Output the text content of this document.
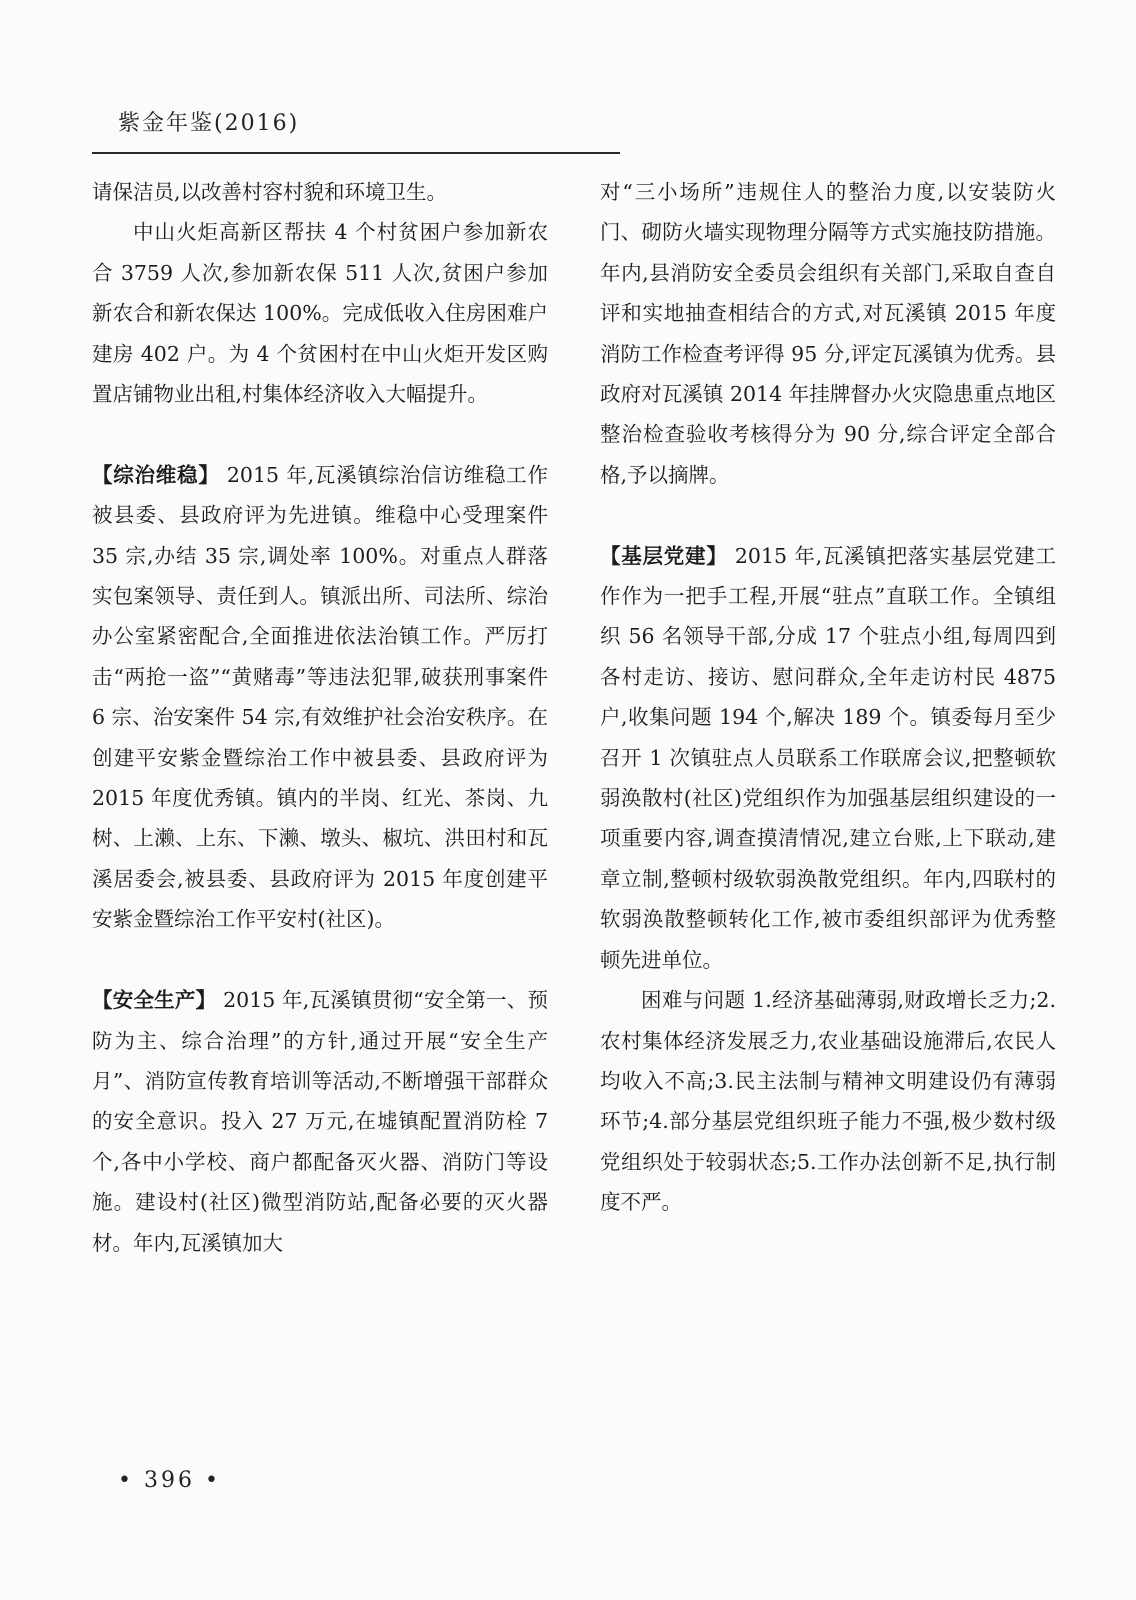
紫金年鉴(2016)

请保洁员,以改善村容村貌和环境卫生。

中山火炬高新区帮扶 4 个村贫困户参加新农合 3759 人次,参加新农保 511 人次,贫困户参加新农合和新农保达 100%。完成低收入住房困难户建房 402 户。为 4 个贫困村在中山火炬开发区购置店铺物业出租,村集体经济收入大幅提升。

【综治维稳】 2015 年,瓦溪镇综治信访维稳工作被县委、县政府评为先进镇。维稳中心受理案件 35 宗,办结 35 宗,调处率 100%。对重点人群落实包案领导、责任到人。镇派出所、司法所、综治办公室紧密配合,全面推进依法治镇工作。严厉打击“两抢一盗”“黄赌毒”等违法犯罪,破获刑事案件 6 宗、治安案件 54 宗,有效维护社会治安秩序。在创建平安紫金暨综治工作中被县委、县政府评为 2015 年度优秀镇。镇内的半岗、红光、茶岗、九树、上濑、上东、下濑、墩头、椒坑、洪田村和瓦溪居委会,被县委、县政府评为 2015 年度创建平安紫金暨综治工作平安村(社区)。

【安全生产】 2015 年,瓦溪镇贯彻“安全第一、预防为主、综合治理”的方针,通过开展“安全生产月”、消防宣传教育培训等活动,不断增强干部群众的安全意识。投入 27 万元,在墟镇配置消防栓 7 个,各中小学校、商户都配备灭火器、消防门等设施。建设村(社区)微型消防站,配备必要的灭火器材。年内,瓦溪镇加大

对“三小场所”违规住人的整治力度,以安装防火门、砌防火墙实现物理分隔等方式实施技防措施。年内,县消防安全委员会组织有关部门,采取自查自评和实地抽查相结合的方式,对瓦溪镇 2015 年度消防工作检查考评得 95 分,评定瓦溪镇为优秀。县政府对瓦溪镇 2014 年挂牌督办火灾隐患重点地区整治检查验收考核得分为 90 分,综合评定全部合格,予以摘牌。

【基层党建】 2015 年,瓦溪镇把落实基层党建工作作为一把手工程,开展“驻点”直联工作。全镇组织 56 名领导干部,分成 17 个驻点小组,每周四到各村走访、接访、慰问群众,全年走访村民 4875 户,收集问题 194 个,解决 189 个。镇委每月至少召开 1 次镇驻点人员联系工作联席会议,把整顿软弱涣散村(社区)党组织作为加强基层组织建设的一项重要内容,调查摸清情况,建立台账,上下联动,建章立制,整顿村级软弱涣散党组织。年内,四联村的软弱涣散整顿转化工作,被市委组织部评为优秀整顿先进单位。

困难与问题 1.经济基础薄弱,财政增长乏力;2.农村集体经济发展乏力,农业基础设施滞后,农民人均收入不高;3.民主法制与精神文明建设仍有薄弱环节;4.部分基层党组织班子能力不强,极少数村级党组织处于较弱状态;5.工作办法创新不足,执行制度不严。

• 396 •
